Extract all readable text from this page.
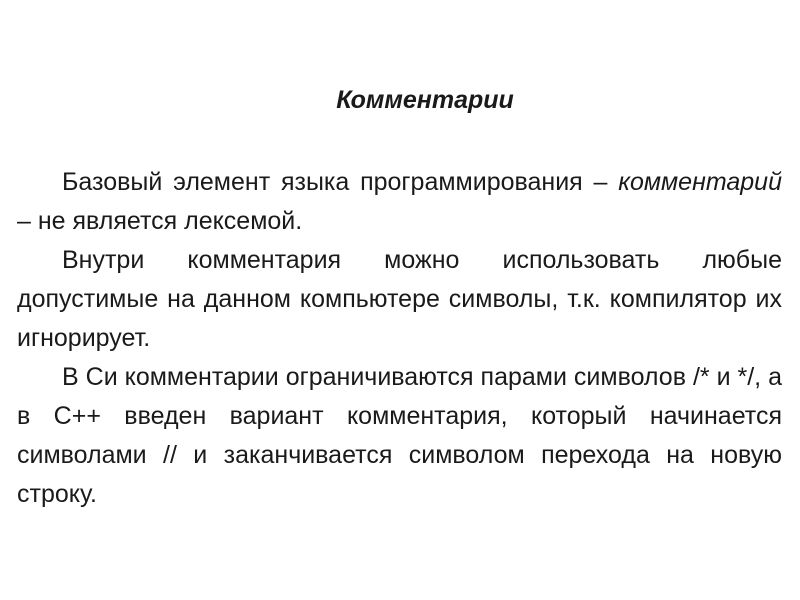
Комментарии

Базовый элемент языка программирования – комментарий – не является лексемой.

Внутри комментария можно использовать любые допустимые на данном компьютере символы, т.к. компилятор их игнорирует.

В Си комментарии ограничиваются парами символов /* и */, а в С++ введен вариант комментария, который начинается символами // и заканчивается символом перехода на новую строку.
